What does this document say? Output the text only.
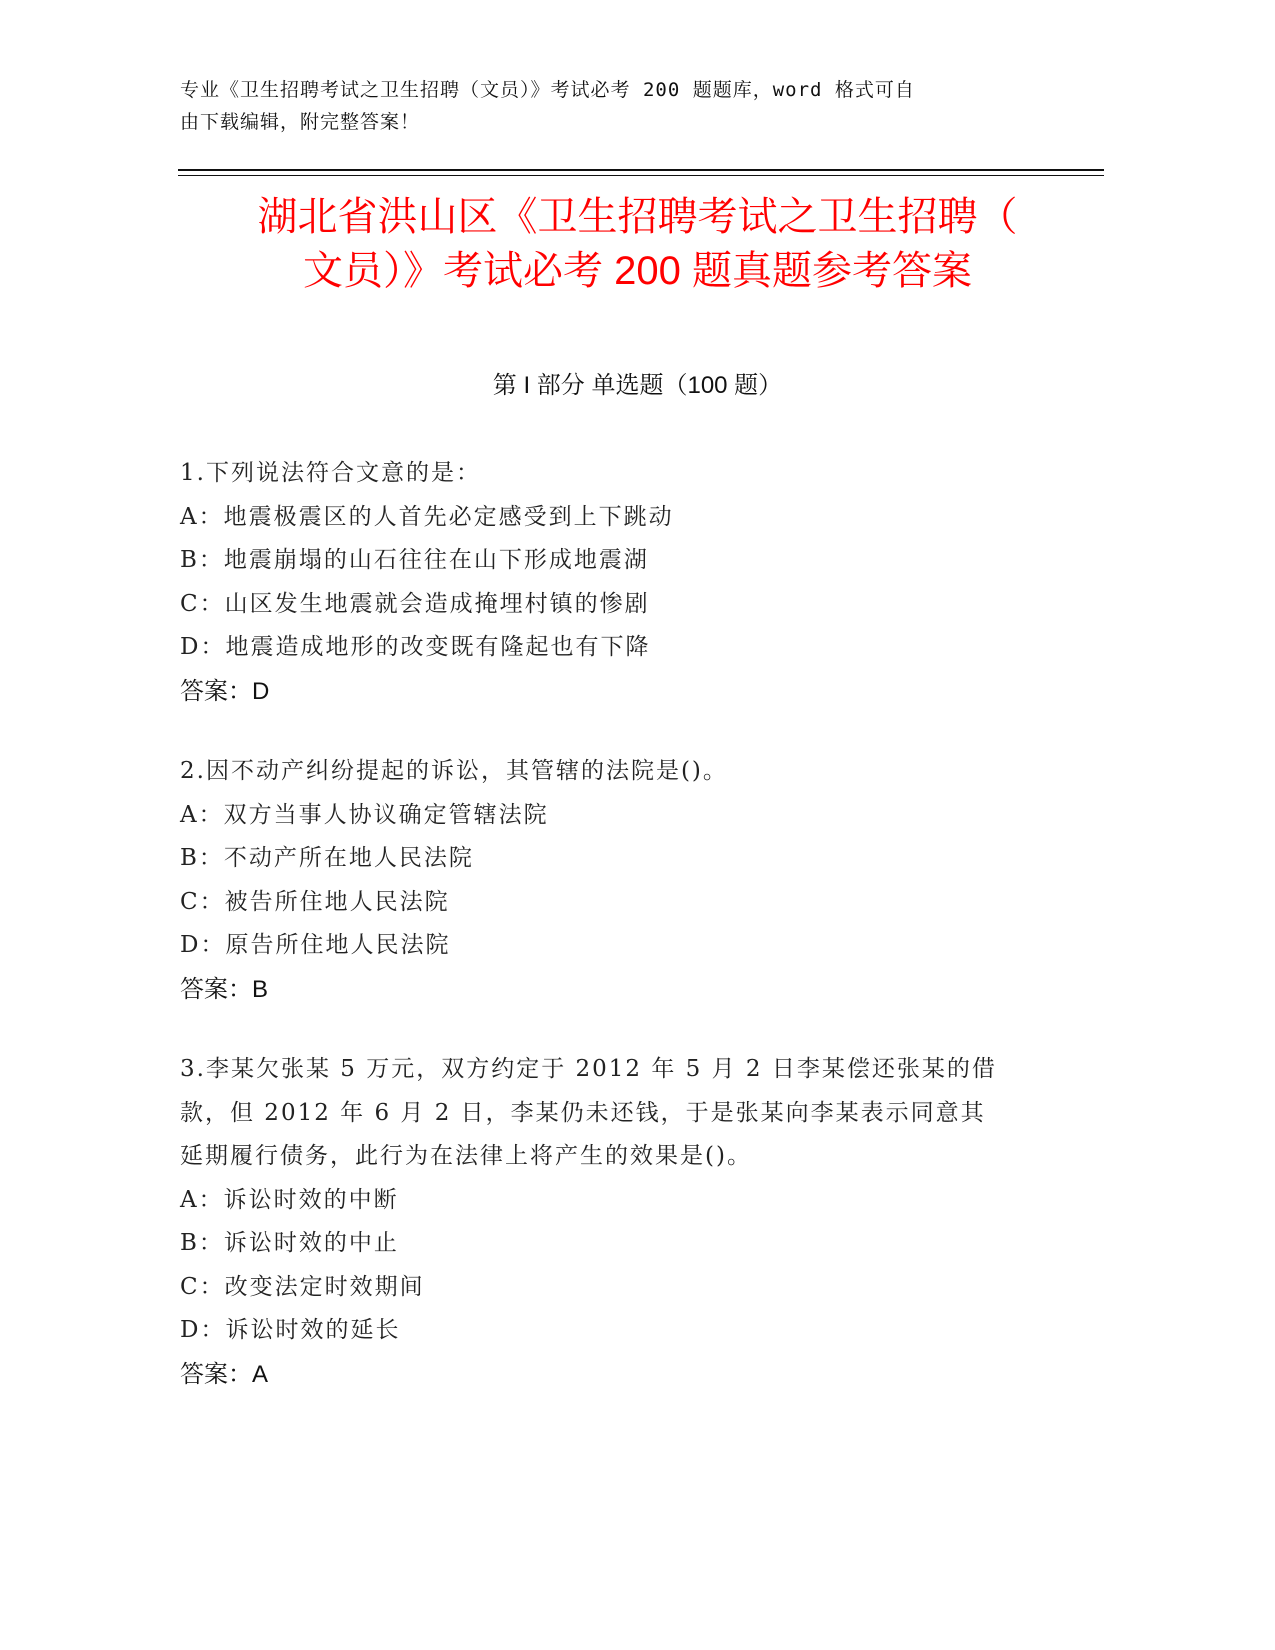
专业《卫生招聘考试之卫生招聘（文员）》考试必考 200 题题库，word 格式可自
由下载编辑，附完整答案！
湖北省洪山区《卫生招聘考试之卫生招聘（
文员）》考试必考 200 题真题参考答案
第 I 部分 单选题（100 题）
1.下列说法符合文意的是：
A：地震极震区的人首先必定感受到上下跳动
B：地震崩塌的山石往往在山下形成地震湖
C：山区发生地震就会造成掩埋村镇的惨剧
D：地震造成地形的改变既有隆起也有下降
答案：D
2.因不动产纠纷提起的诉讼，其管辖的法院是()。
A：双方当事人协议确定管辖法院
B：不动产所在地人民法院
C：被告所住地人民法院
D：原告所住地人民法院
答案：B
3.李某欠张某 5 万元，双方约定于 2012 年 5 月 2 日李某偿还张某的借
款，但 2012 年 6 月 2 日，李某仍未还钱，于是张某向李某表示同意其
延期履行债务，此行为在法律上将产生的效果是()。
A：诉讼时效的中断
B：诉讼时效的中止
C：改变法定时效期间
D：诉讼时效的延长
答案：A
